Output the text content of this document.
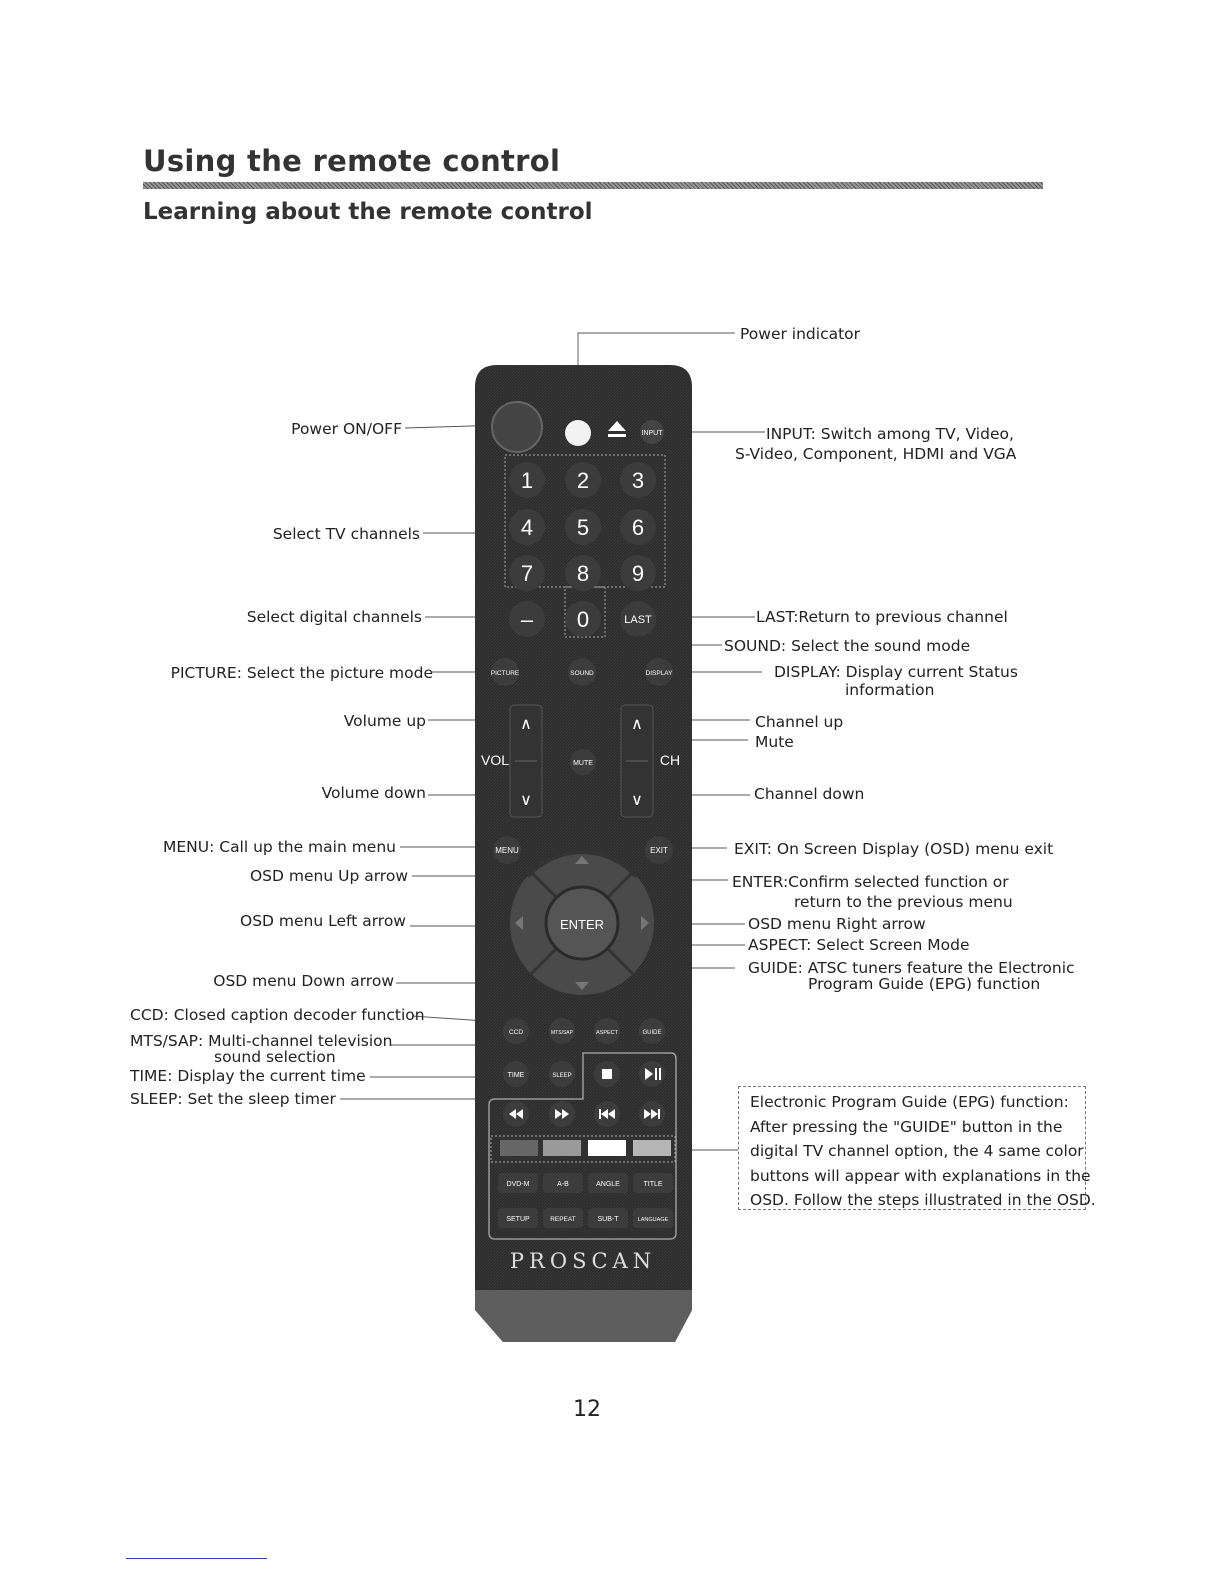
Using the remote control
Learning about the remote control
INPUT
1 2 3
4 5 6
7 8 9
– 0	LAST
PICTURE	SOUND	DISPLAY
∧
∨
VOL
∧
∨
CH
MUTE
MENU	EXIT
ENTER
CCD	MTS/SAP	ASPECT	GUIDE
TIME	SLEEP
DVD-M	A-B	ANGLE	TITLE
SETUP	REPEAT	SUB-T	LANGUAGE
PROSCAN
Power indicator
Power ON/OFF	INPUT: Switch among TV, Video,
S-Video, Component, HDMI and VGA
Select TV channels
Select digital channels	LAST:Return to previous channel
SOUND: Select the sound mode
PICTURE: Select the picture mode	DISPLAY: Display current Status
information
Volume up	Channel up
Mute
Volume down	Channel down
MENU: Call up the main menu	EXIT: On Screen Display (OSD) menu exit
OSD menu Up arrow	ENTER:Confirm selected function or
return to the previous menu
OSD menu Left arrow	OSD menu Right arrow
ASPECT: Select Screen Mode
OSD menu Down arrow
GUIDE: ATSC tuners feature the Electronic
Program Guide (EPG) function
CCD: Closed caption decoder function
MTS/SAP: Multi-channel television
sound selection
TIME: Display the current time
SLEEP: Set the sleep timer	Electronic Program Guide (EPG) function:
After pressing the "GUIDE" button in the
digital TV channel option, the 4 same color
buttons will appear with explanations in the
OSD. Follow the steps illustrated in the OSD.
12
